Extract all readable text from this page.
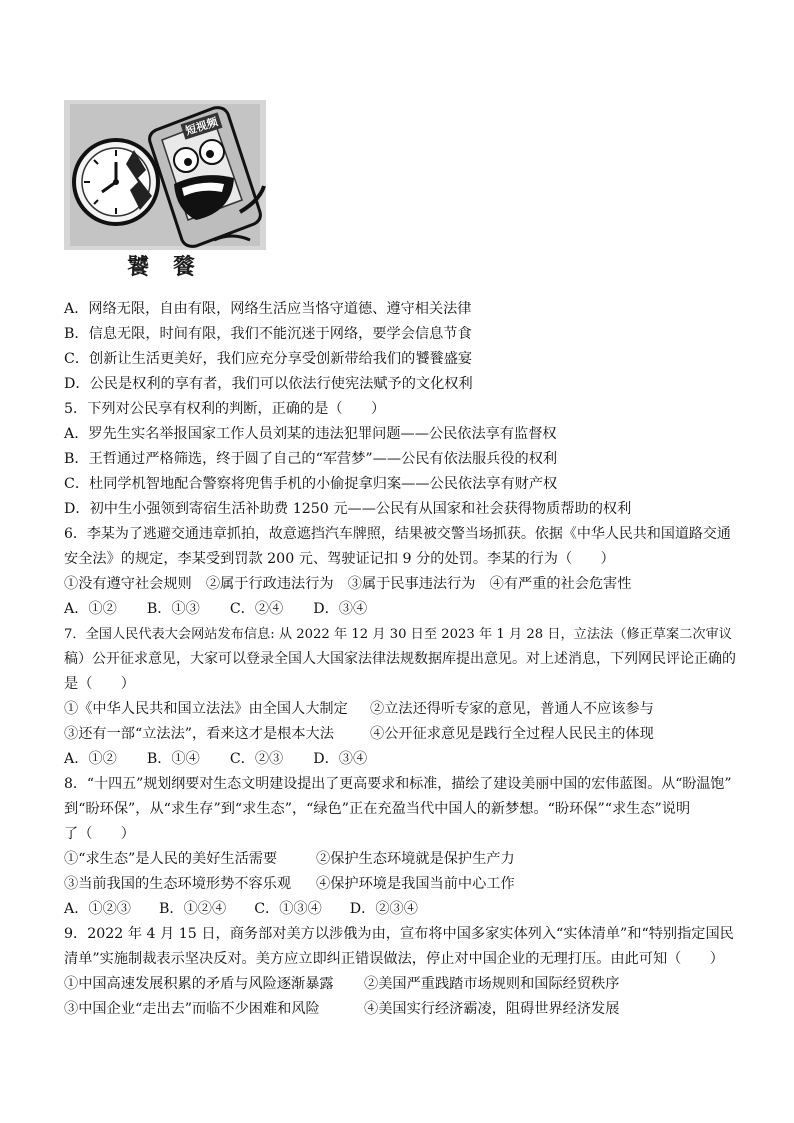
短视频
饕 餮
A．网络无限，自由有限，网络生活应当恪守道德、遵守相关法律
B．信息无限，时间有限，我们不能沉迷于网络，要学会信息节食
C．创新让生活更美好，我们应充分享受创新带给我们的饕餮盛宴
D．公民是权利的享有者，我们可以依法行使宪法赋予的文化权利
5．下列对公民享有权利的判断，正确的是（　　）
A．罗先生实名举报国家工作人员刘某的违法犯罪问题——公民依法享有监督权
B．王哲通过严格筛选，终于圆了自己的“军营梦”——公民有依法服兵役的权利
C．杜同学机智地配合警察将兜售手机的小偷捉拿归案——公民依法享有财产权
D．初中生小强领到寄宿生活补助费 1250 元——公民有从国家和社会获得物质帮助的权利
6．李某为了逃避交通违章抓拍，故意遮挡汽车牌照，结果被交警当场抓获。依据《中华人民共和国道路交通
安全法》的规定，李某受到罚款 200 元、驾驶证记扣 9 分的处罚。李某的行为（　　）
①没有遵守社会规则　②属于行政违法行为　③属于民事违法行为　④有严重的社会危害性
A．①② B．①③ C．②④ D．③④
7．全国人民代表大会网站发布信息: 从 2022 年 12 月 30 日至 2023 年 1 月 28 日，立法法（修正草案二次审议
稿）公开征求意见，大家可以登录全国人大国家法律法规数据库提出意见。对上述消息，下列网民评论正确的
是（　　）
①《中华人民共和国立法法》由全国人大制定 ②立法还得听专家的意见，普通人不应该参与
③还有一部“立法法”，看来这才是根本大法	④公开征求意见是践行全过程人民民主的体现
A．①② B．①④ C．②③ D．③④
8．“十四五”规划纲要对生态文明建设提出了更高要求和标准，描绘了建设美丽中国的宏伟蓝图。从“盼温饱”
到“盼环保”，从“求生存”到“求生态”，“绿色”正在充盈当代中国人的新梦想。“盼环保”“求生态”说明
了（　　）
①“求生态”是人民的美好生活需要	②保护生态环境就是保护生产力
③当前我国的生态环境形势不容乐观 ④保护环境是我国当前中心工作
A．①②③ B．①②④ C．①③④ D．②③④
9．2022 年 4 月 15 日，商务部对美方以涉俄为由，宣布将中国多家实体列入“实体清单”和“特别指定国民
清单”实施制裁表示坚决反对。美方应立即纠正错误做法，停止对中国企业的无理打压。由此可知（　　）
①中国高速发展积累的矛盾与风险逐渐暴露 ②美国严重践踏市场规则和国际经贸秩序
③中国企业“走出去”而临不少困难和风险	④美国实行经济霸凌，阻碍世界经济发展
